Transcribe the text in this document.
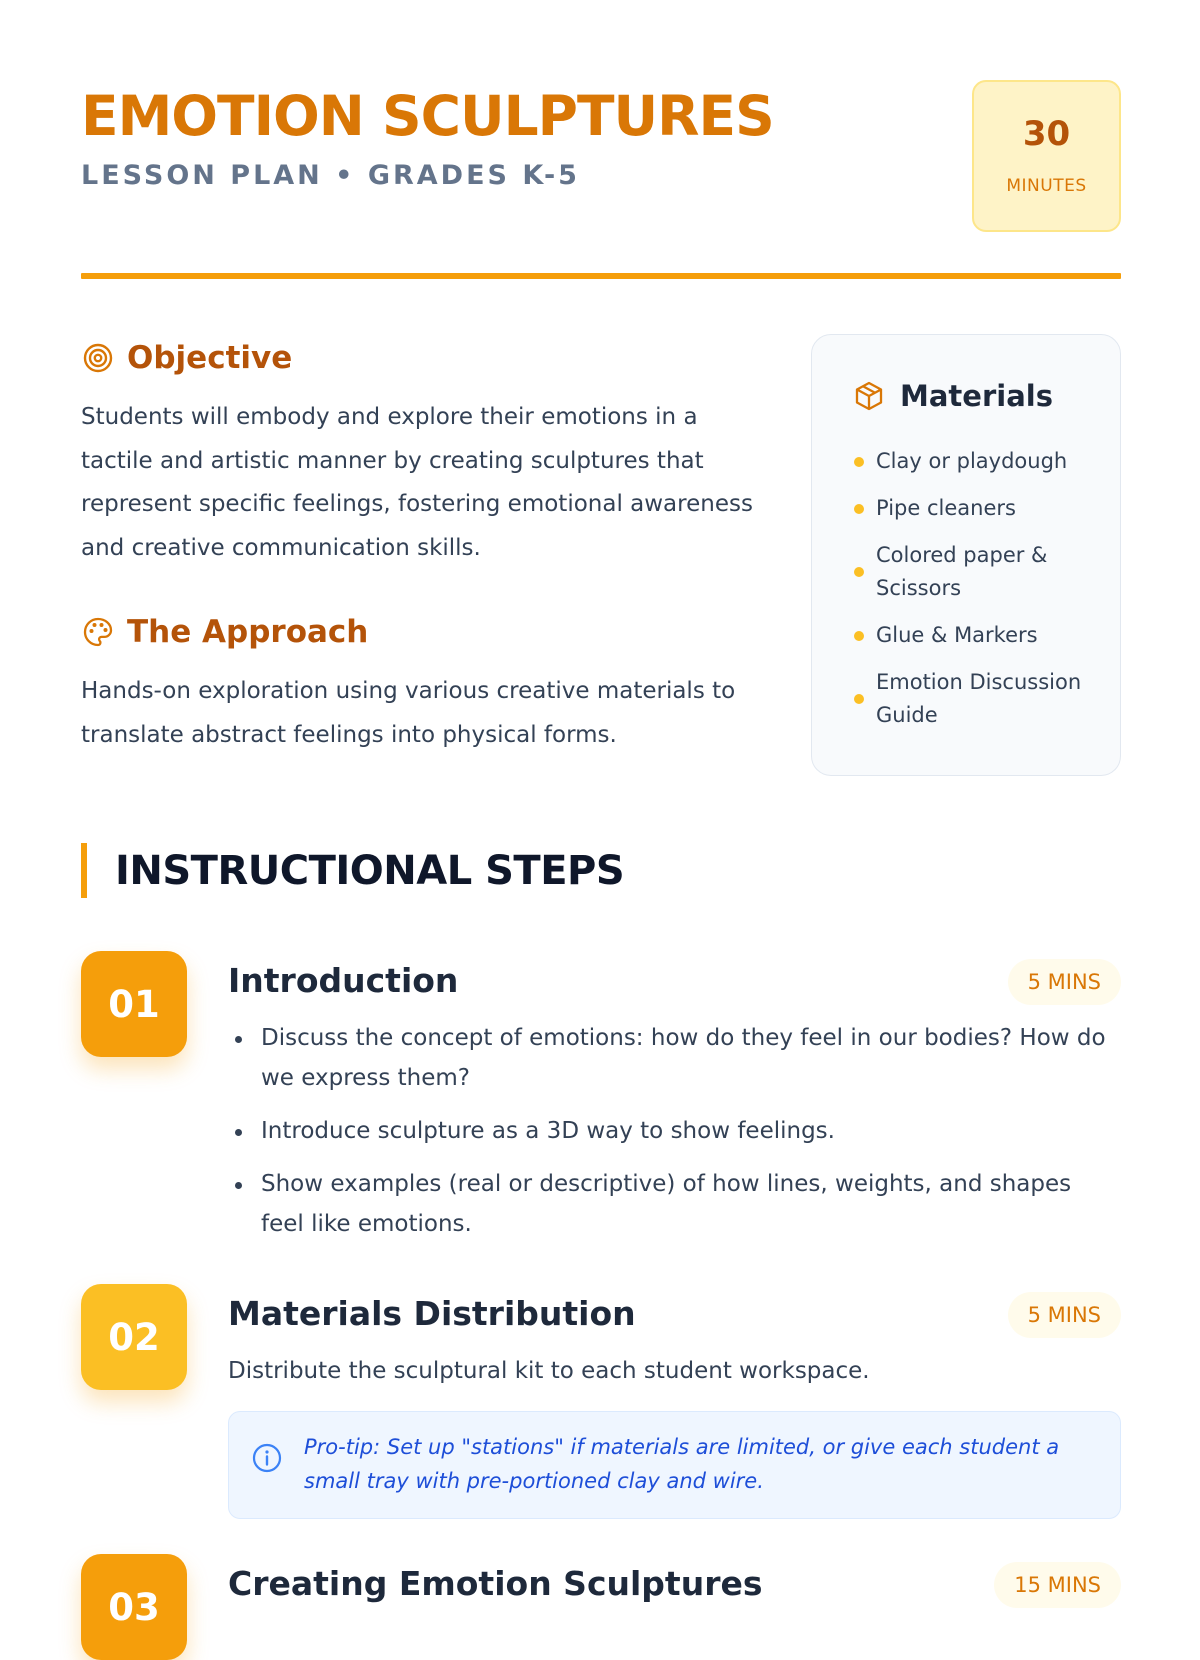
EMOTION SCULPTURES
LESSON PLAN • GRADES K-5
30
MINUTES
Objective

Students will embody and explore their emotions in a tactile and artistic manner by creating sculptures that represent specific feelings, fostering emotional awareness and creative communication skills.

The Approach

Hands-on exploration using various creative materials to translate abstract feelings into physical forms.

Materials
Clay or playdough
Pipe cleaners
Colored paper & Scissors
Glue & Markers
Emotion Discussion Guide
INSTRUCTIONAL STEPS
01
Introduction	5 MINS
Discuss the concept of emotions: how do they feel in our bodies? How do we express them?
Introduce sculpture as a 3D way to show feelings.
Show examples (real or descriptive) of how lines, weights, and shapes feel like emotions.
02
Materials Distribution	5 MINS

Distribute the sculptural kit to each student workspace.

Pro-tip: Set up "stations" if materials are limited, or give each student a small tray with pre-portioned clay and wire.

03
Creating Emotion Sculptures	15 MINS
